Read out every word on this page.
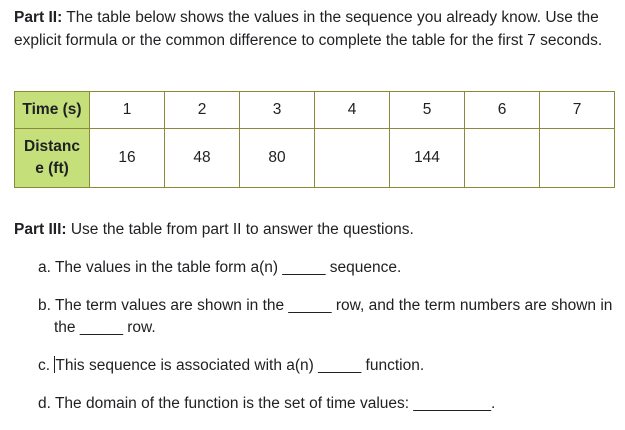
Part II: The table below shows the values in the sequence you already know. Use the explicit formula or the common difference to complete the table for the first 7 seconds.
Time (s)	1	2	3	4	5	6	7
Distanc
e (ft)	16	48	80		144		
Part III: Use the table from part II to answer the questions.
a. The values in the table form a(n) _____ sequence.
b. The term values are shown in the _____ row, and the term numbers are shown in the _____ row.
c. This sequence is associated with a(n) _____ function.
d. The domain of the function is the set of time values: _________.
